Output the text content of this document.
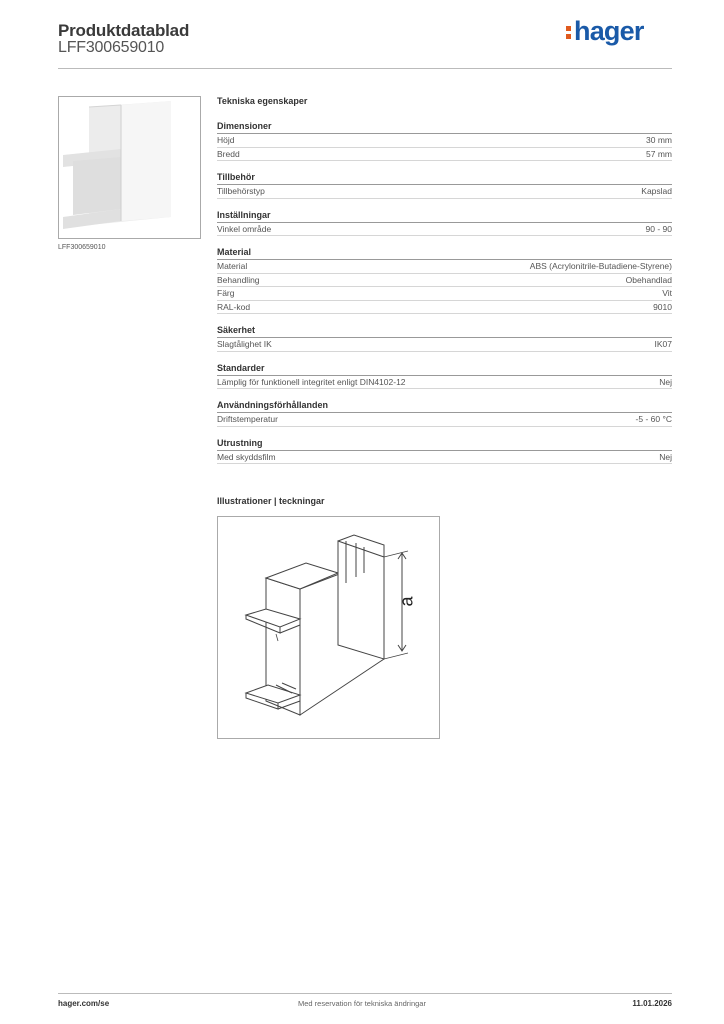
Produktdatablad
LFF300659010
hager
LFF300659010
Tekniska egenskaper
Dimensioner
Höjd	30 mm
Bredd	57 mm
Tillbehör
Tillbehörstyp	Kapslad
Inställningar
Vinkel område	90 - 90
Material
Material	ABS (Acrylonitrile-Butadiene-Styrene)
Behandling	Obehandlad
Färg	Vit
RAL-kod	9010
Säkerhet
Slagtålighet IK	IK07
Standarder
Lämplig för funktionell integritet enligt DIN4102-12	Nej
Användningsförhållanden
Driftstemperatur	-5 - 60 °C
Utrustning
Med skyddsfilm	Nej
Illustrationer | teckningar
a
Med reservation för tekniska ändringar
hager.com/se	11.01.2026
